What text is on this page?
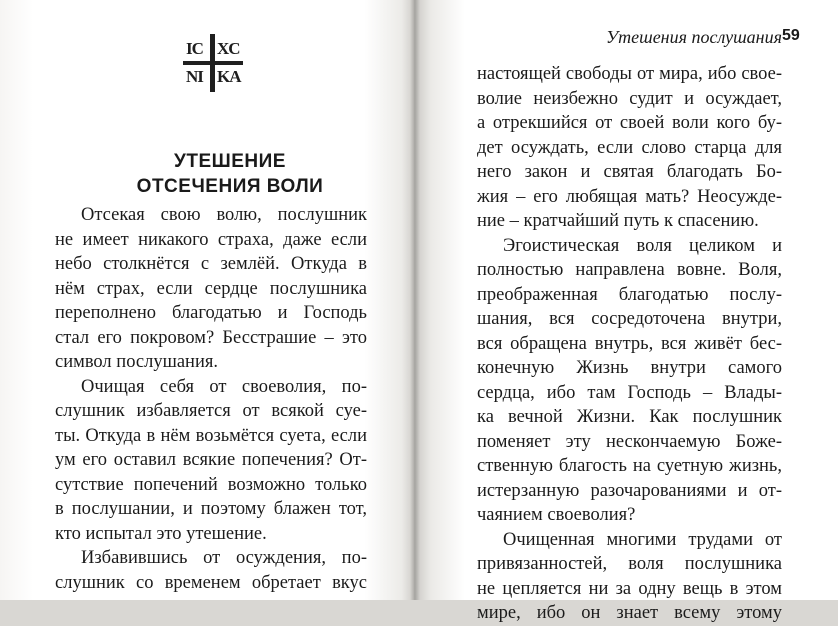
IC XC
NI KA
УТЕШЕНИЕ
ОТСЕЧЕНИЯ ВОЛИ
Отсекая свою волю, послушник
не имеет никакого страха, даже если
небо столкнётся с землёй. Откуда в
нём страх, если сердце послушника
переполнено благодатью и Господь
стал его покровом? Бесстрашие – это
символ послушания.
Очищая себя от своеволия, по-
слушник избавляется от всякой суе-
ты. Откуда в нём возьмётся суета, если
ум его оставил всякие попечения? От-
сутствие попечений возможно только
в послушании, и поэтому блажен тот,
кто испытал это утешение.
Избавившись от осуждения, по-
слушник со временем обретает вкус
Утешения послушания 59
настоящей свободы от мира, ибо свое-
волие неизбежно судит и осуждает,
а отрекшийся от своей воли кого бу-
дет осуждать, если слово старца для
него закон и святая благодать Бо-
жия – его любящая мать? Неосужде-
ние – кратчайший путь к спасению.
Эгоистическая воля целиком и
полностью направлена вовне. Воля,
преображенная благодатью послу-
шания, вся сосредоточена внутри,
вся обращена внутрь, вся живёт бес-
конечную Жизнь внутри самого
сердца, ибо там Господь – Влады-
ка вечной Жизни. Как послушник
поменяет эту нескончаемую Боже-
ственную благость на суетную жизнь,
истерзанную разочарованиями и от-
чаянием своеволия?
Очищенная многими трудами от
привязанностей, воля послушника
не цепляется ни за одну вещь в этом
мире, ибо он знает всему этому
